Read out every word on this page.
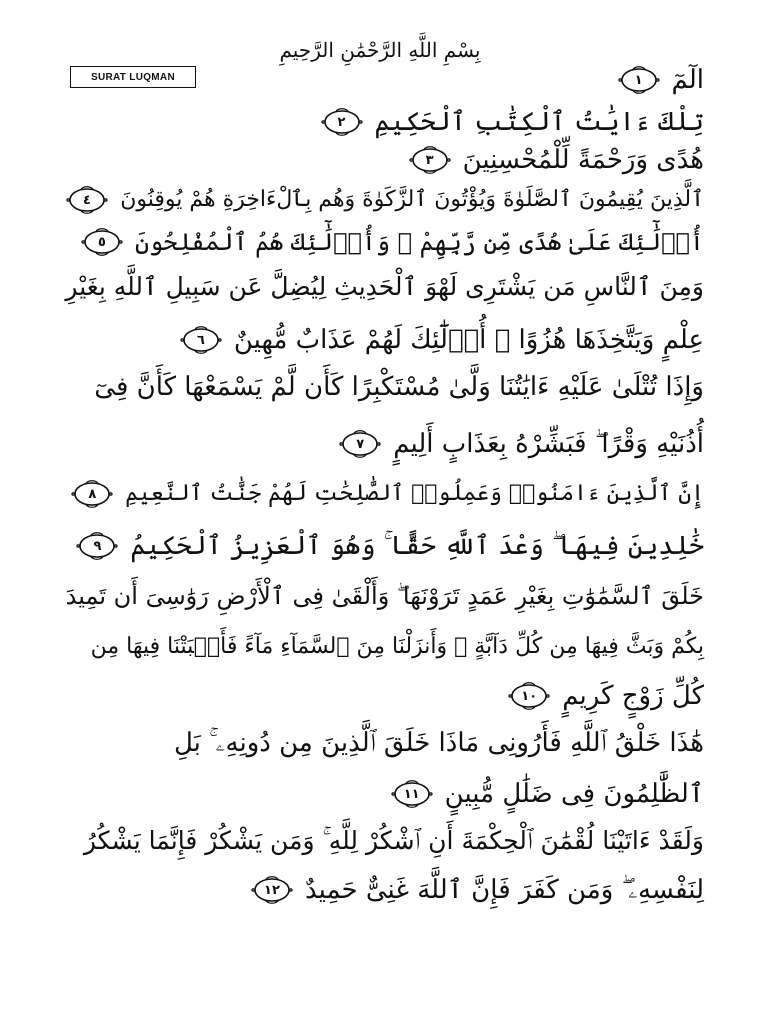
بِسْمِ اللَّهِ الرَّحْمَٰنِ الرَّحِيمِ
SURAT LUQMAN	الٓمٓ
١
تِلْكَ ءَايَٰتُ ٱلْكِتَٰبِ ٱلْحَكِيمِ
٢
هُدًى وَرَحْمَةً لِّلْمُحْسِنِينَ
٣
ٱلَّذِينَ يُقِيمُونَ ٱلصَّلَوٰةَ وَيُؤْتُونَ ٱلزَّكَوٰةَ وَهُم بِٱلْءَاخِرَةِ هُمْ يُوقِنُونَ
٤
أُو۟لَٰٓئِكَ عَلَىٰ هُدًى مِّن رَّبِّهِمْ ۖ وَأُو۟لَٰٓئِكَ هُمُ ٱلْمُفْلِحُونَ
٥
وَمِنَ ٱلنَّاسِ مَن يَشْتَرِى لَهْوَ ٱلْحَدِيثِ لِيُضِلَّ عَن سَبِيلِ ٱللَّهِ بِغَيْرِ
عِلْمٍ وَيَتَّخِذَهَا هُزُوًا ۚ أُو۟لَٰٓئِكَ لَهُمْ عَذَابٌ مُّهِينٌ
٦
وَإِذَا تُتْلَىٰ عَلَيْهِ ءَايَٰتُنَا وَلَّىٰ مُسْتَكْبِرًا كَأَن لَّمْ يَسْمَعْهَا كَأَنَّ فِىٓ
أُذُنَيْهِ وَقْرًا ۖ فَبَشِّرْهُ بِعَذَابٍ أَلِيمٍ
٧
إِنَّ ٱلَّذِينَ ءَامَنُوا۟ وَعَمِلُوا۟ ٱلصَّٰلِحَٰتِ لَهُمْ جَنَّٰتُ ٱلنَّعِيمِ
٨
خَٰلِدِينَ فِيهَا ۖ وَعْدَ ٱللَّهِ حَقًّا ۚ وَهُوَ ٱلْعَزِيزُ ٱلْحَكِيمُ
٩
خَلَقَ ٱلسَّمَٰوَٰتِ بِغَيْرِ عَمَدٍ تَرَوْنَهَا ۖ وَأَلْقَىٰ فِى ٱلْأَرْضِ رَوَٰسِىَ أَن تَمِيدَ
بِكُمْ وَبَثَّ فِيهَا مِن كُلِّ دَآبَّةٍ ۚ وَأَنزَلْنَا مِنَ ٱلسَّمَآءِ مَآءً فَأَنۢبَتْنَا فِيهَا مِن
كُلِّ زَوْجٍ كَرِيمٍ
١٠
هَٰذَا خَلْقُ ٱللَّهِ فَأَرُونِى مَاذَا خَلَقَ ٱلَّذِينَ مِن دُونِهِۦ ۚ بَلِ
ٱلظَّٰلِمُونَ فِى ضَلَٰلٍ مُّبِينٍ
١١
وَلَقَدْ ءَاتَيْنَا لُقْمَٰنَ ٱلْحِكْمَةَ أَنِ ٱشْكُرْ لِلَّهِ ۚ وَمَن يَشْكُرْ فَإِنَّمَا يَشْكُرُ
لِنَفْسِهِۦ ۖ وَمَن كَفَرَ فَإِنَّ ٱللَّهَ غَنِىٌّ حَمِيدٌ
١٢
